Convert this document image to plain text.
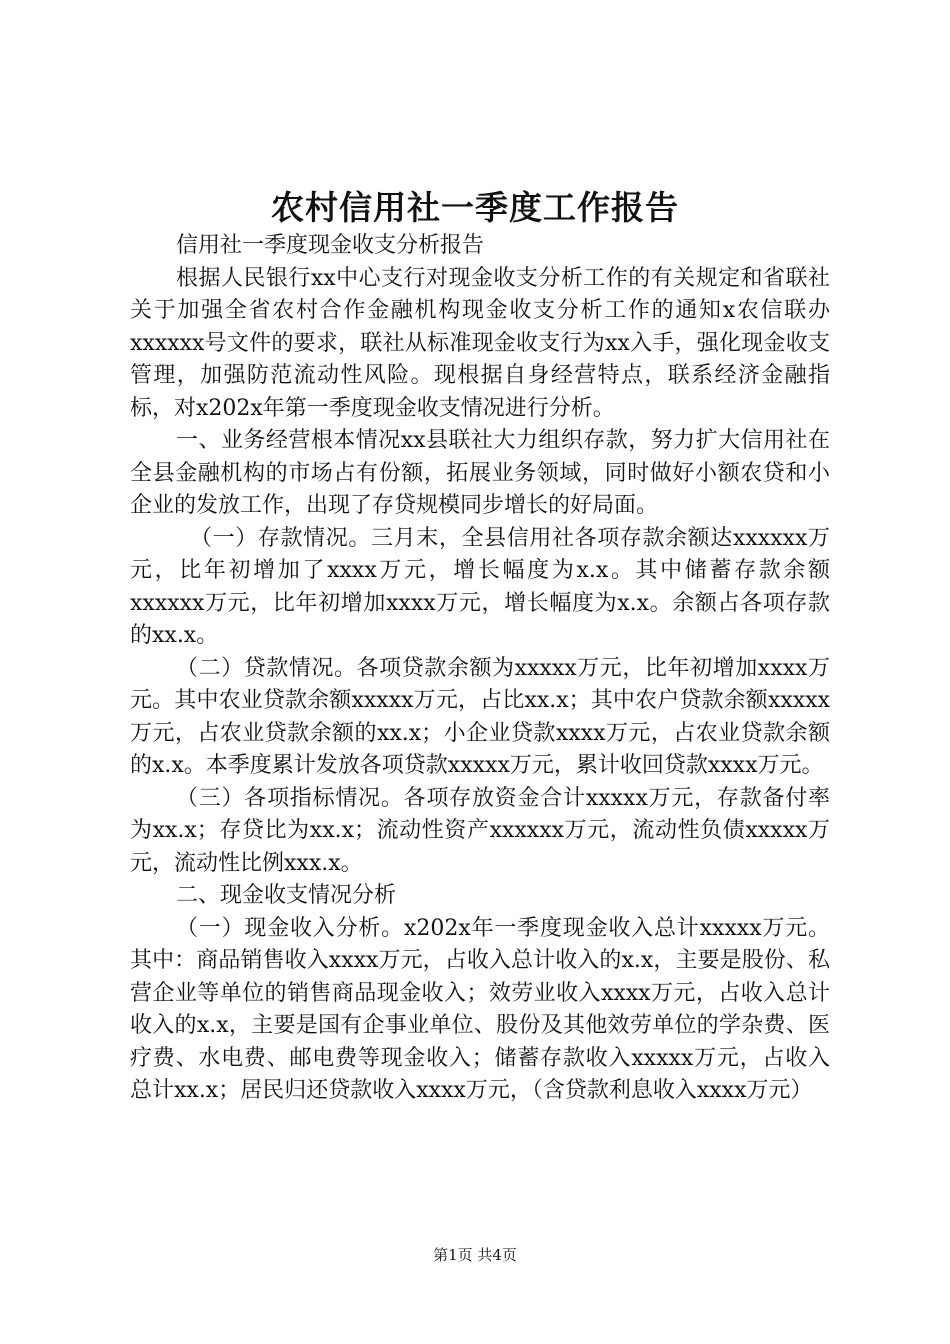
农村信用社一季度工作报告

信用社一季度现金收支分析报告

根据人民银行xx中心支行对现金收支分析工作的有关规定和省联社关于加强全省农村合作金融机构现金收支分析工作的通知x农信联办xxxxxx号文件的要求，联社从标准现金收支行为xx入手，强化现金收支管理，加强防范流动性风险。现根据自身经营特点，联系经济金融指标，对x202x年第一季度现金收支情况进行分析。

一、业务经营根本情况xx县联社大力组织存款，努力扩大信用社在全县金融机构的市场占有份额，拓展业务领域，同时做好小额农贷和小企业的发放工作，出现了存贷规模同步增长的好局面。

（一）存款情况。三月末，全县信用社各项存款余额达xxxxxx万元，比年初增加了xxxx万元，增长幅度为x.x。其中储蓄存款余额xxxxxx万元，比年初增加xxxx万元，增长幅度为x.x。余额占各项存款的xx.x。

（二）贷款情况。各项贷款余额为xxxxx万元，比年初增加xxxx万元。其中农业贷款余额xxxxx万元，占比xx.x；其中农户贷款余额xxxxx万元，占农业贷款余额的xx.x；小企业贷款xxxx万元，占农业贷款余额的x.x。本季度累计发放各项贷款xxxxx万元，累计收回贷款xxxx万元。

（三）各项指标情况。各项存放资金合计xxxxx万元，存款备付率为xx.x；存贷比为xx.x；流动性资产xxxxxx万元，流动性负债xxxxx万元，流动性比例xxx.x。

二、现金收支情况分析

（一）现金收入分析。x202x年一季度现金收入总计xxxxx万元。其中：商品销售收入xxxx万元，占收入总计收入的x.x，主要是股份、私营企业等单位的销售商品现金收入；效劳业收入xxxx万元，占收入总计收入的x.x，主要是国有企事业单位、股份及其他效劳单位的学杂费、医疗费、水电费、邮电费等现金收入；储蓄存款收入xxxxx万元，占收入总计xx.x；居民归还贷款收入xxxx万元，（含贷款利息收入xxxx万元）

第1页 共4页
